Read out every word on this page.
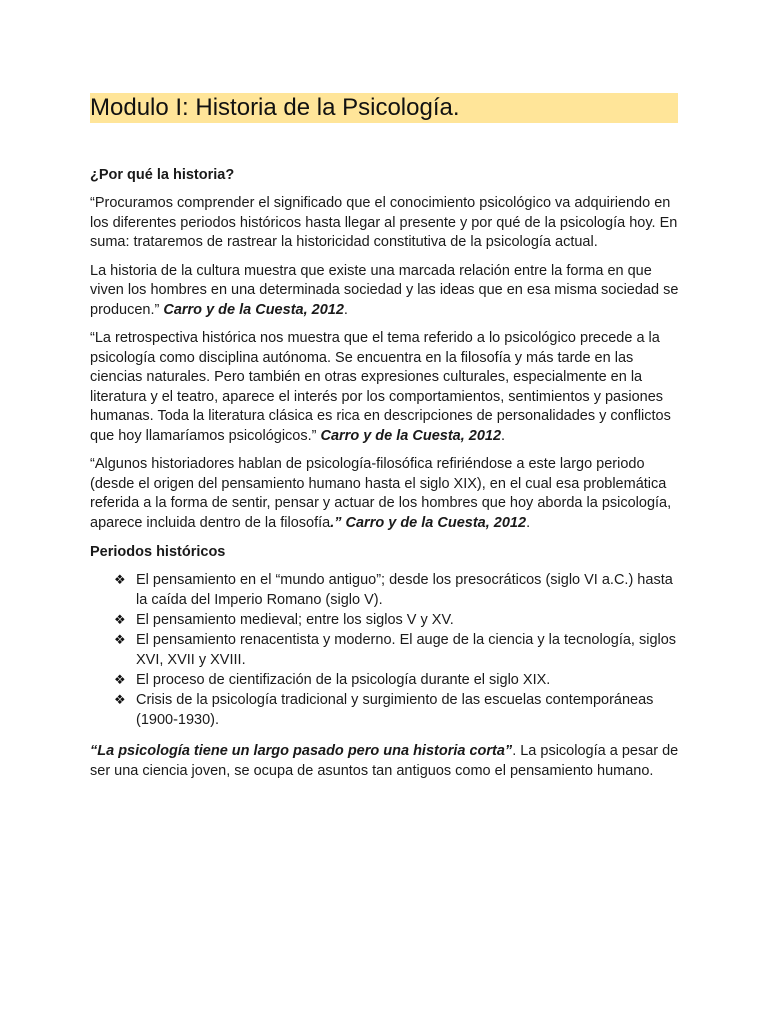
Modulo I: Historia de la Psicología.

¿Por qué la historia?

“Procuramos comprender el significado que el conocimiento psicológico va adquiriendo en los diferentes periodos históricos hasta llegar al presente y por qué de la psicología hoy. En suma: trataremos de rastrear la historicidad constitutiva de la psicología actual.

La historia de la cultura muestra que existe una marcada relación entre la forma en que viven los hombres en una determinada sociedad y las ideas que en esa misma sociedad se producen.” Carro y de la Cuesta, 2012.

“La retrospectiva histórica nos muestra que el tema referido a lo psicológico precede a la psicología como disciplina autónoma. Se encuentra en la filosofía y más tarde en las ciencias naturales. Pero también en otras expresiones culturales, especialmente en la literatura y el teatro, aparece el interés por los comportamientos, sentimientos y pasiones humanas. Toda la literatura clásica es rica en descripciones de personalidades y conflictos que hoy llamaríamos psicológicos.” Carro y de la Cuesta, 2012.

“Algunos historiadores hablan de psicología-filosófica refiriéndose a este largo periodo (desde el origen del pensamiento humano hasta el siglo XIX), en el cual esa problemática referida a la forma de sentir, pensar y actuar de los hombres que hoy aborda la psicología, aparece incluida dentro de la filosofía.” Carro y de la Cuesta, 2012.

Periodos históricos

❖ El pensamiento en el “mundo antiguo”; desde los presocráticos (siglo VI a.C.) hasta la caída del Imperio Romano (siglo V).
❖ El pensamiento medieval; entre los siglos V y XV.
❖ El pensamiento renacentista y moderno. El auge de la ciencia y la tecnología, siglos XVI, XVII y XVIII.
❖ El proceso de cientifización de la psicología durante el siglo XIX.
❖ Crisis de la psicología tradicional y surgimiento de las escuelas contemporáneas (1900-1930).

“La psicología tiene un largo pasado pero una historia corta”. La psicología a pesar de ser una ciencia joven, se ocupa de asuntos tan antiguos como el pensamiento humano.
